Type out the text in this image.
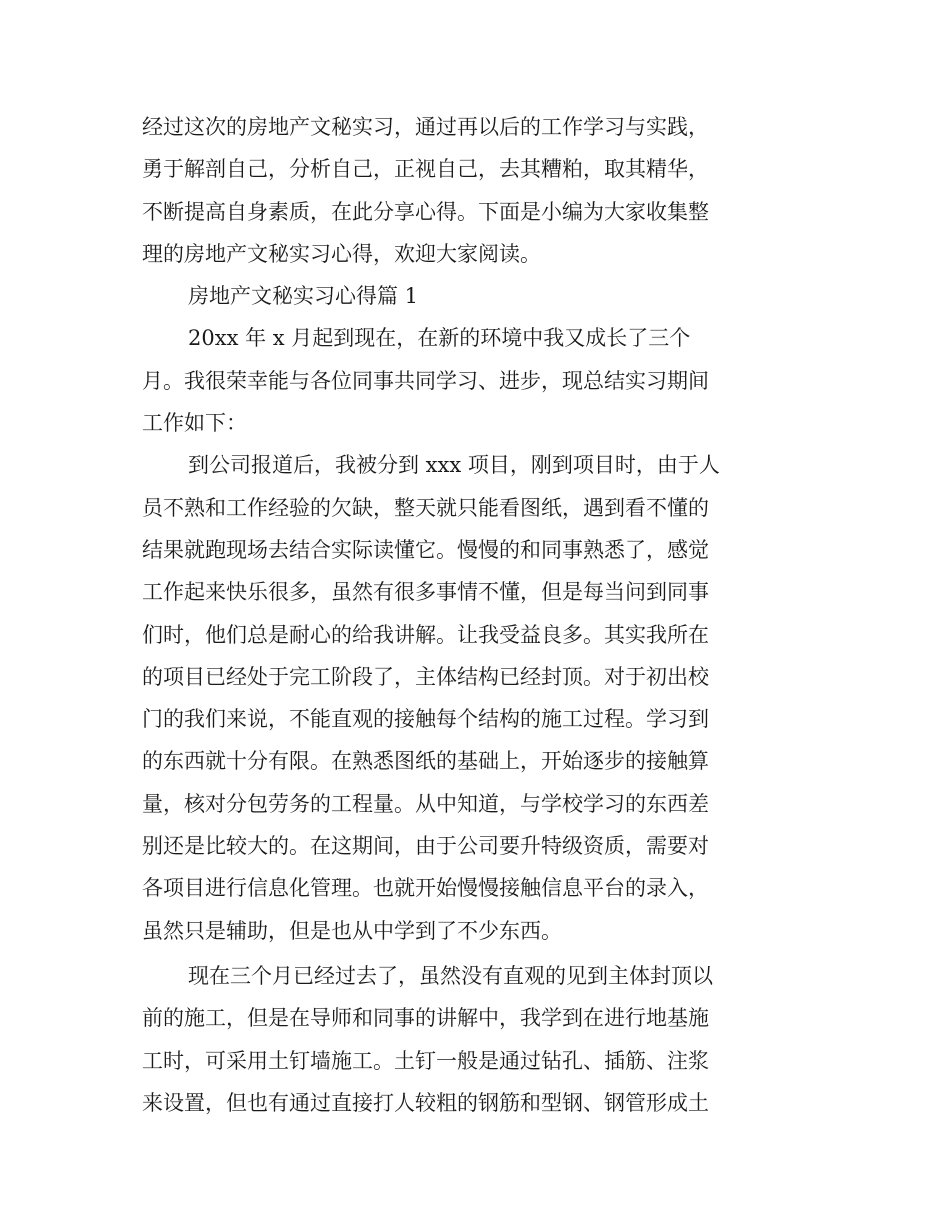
经过这次的房地产文秘实习，通过再以后的工作学习与实践，
勇于解剖自己，分析自己，正视自己，去其糟粕，取其精华，
不断提高自身素质，在此分享心得。下面是小编为大家收集整
理的房地产文秘实习心得，欢迎大家阅读。
房地产文秘实习心得篇 1
20xx 年 x 月起到现在，在新的环境中我又成长了三个
月。我很荣幸能与各位同事共同学习、进步，现总结实习期间
工作如下：
到公司报道后，我被分到 xxx 项目，刚到项目时，由于人
员不熟和工作经验的欠缺，整天就只能看图纸，遇到看不懂的
结果就跑现场去结合实际读懂它。慢慢的和同事熟悉了，感觉
工作起来快乐很多，虽然有很多事情不懂，但是每当问到同事
们时，他们总是耐心的给我讲解。让我受益良多。其实我所在
的项目已经处于完工阶段了，主体结构已经封顶。对于初出校
门的我们来说，不能直观的接触每个结构的施工过程。学习到
的东西就十分有限。在熟悉图纸的基础上，开始逐步的接触算
量，核对分包劳务的工程量。从中知道，与学校学习的东西差
别还是比较大的。在这期间，由于公司要升特级资质，需要对
各项目进行信息化管理。也就开始慢慢接触信息平台的录入，
虽然只是辅助，但是也从中学到了不少东西。
现在三个月已经过去了，虽然没有直观的见到主体封顶以
前的施工，但是在导师和同事的讲解中，我学到在进行地基施
工时，可采用土钉墙施工。土钉一般是通过钻孔、插筋、注浆
来设置，但也有通过直接打人较粗的钢筋和型钢、钢管形成土
